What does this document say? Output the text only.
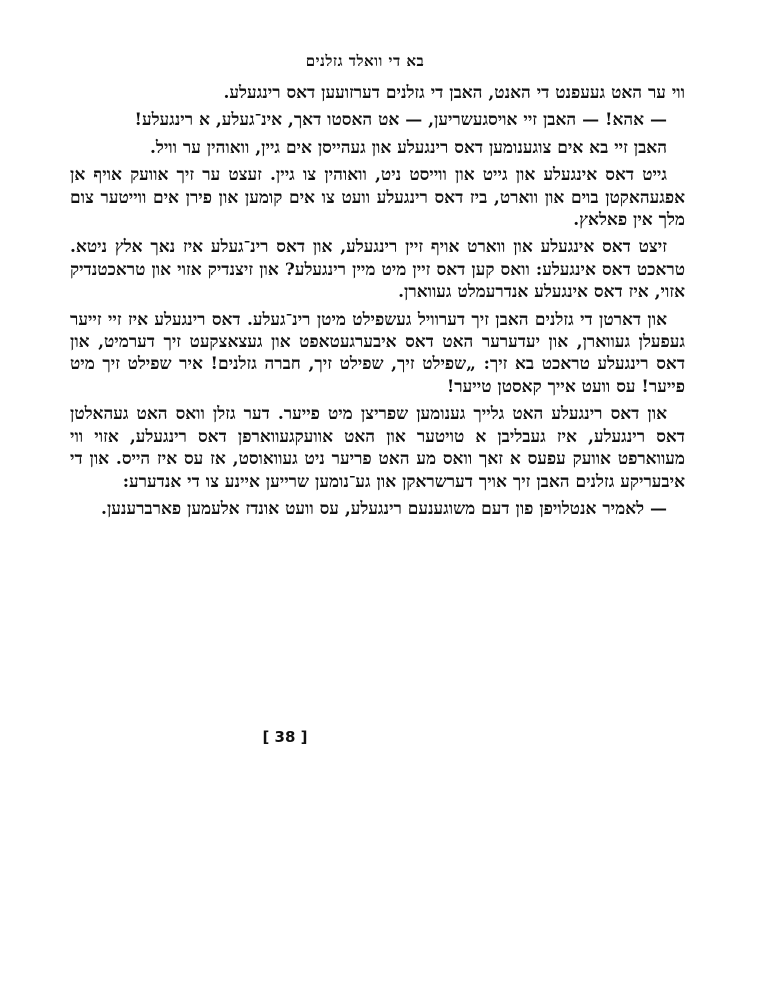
בא די וואלד גזלנים

ווי ער האט געעפנט די האנט, האבן די גזלנים דערזועען דאס רינגעלע.

— אהא! — האבן זיי אויסגעשריען, — אט האסטו דאך, אינ־געלע, א רינגעלע!

האבן זיי בא אים צוגענומען דאס רינגעלע און געהייסן אים גיין, וואוהין ער וויל.

גייט דאס אינגעלע און גייט און ווייסט ניט, וואוהין צו גיין. זעצט ער זיך אוועק אויף אן אפגעהאקטן בוים און ווארט, ביז דאס רינגעלע וועט צו אים קומען און פירן אים ווייטער צום מלך אין פאלאץ.

זיצט דאס אינגעלע און ווארט אויף זיין רינגעלע, און דאס רינ־געלע איז נאך אלץ ניטא. טראכט דאס אינגעלע: וואס קען דאס זיין מיט מיין רינגעלע? און זיצנדיק אזוי און טראכטנדיק אזוי, איז דאס אינגעלע אנדרעמלט געווארן.

און דארטן די גזלנים האבן זיך דערוויל געשפילט מיטן רינ־געלע. דאס רינגעלע איז זיי זייער געפעלן געווארן, און יעדערער האט דאס איבערגעטאפט און געצאצקעט זיך דערמיט, און דאס רינגעלע טראכט בא זיך: „שפילט זיך, שפילט זיך, חברה גזלנים! איר שפילט זיך מיט פייער! עס וועט אייך קאסטן טייער!

און דאס רינגעלע האט גלייך גענומען שפריצן מיט פייער. דער גזלן וואס האט געהאלטן דאס רינגעלע, איז געבליבן א טויטער און האט אוועקגעווארפן דאס רינגעלע, אזוי ווי מעווארפט אוועק עפעס א זאך וואס מע האט פריער ניט געוואוסט, אז עס איז הייס. און די איבעריקע גזלנים האבן זיך אויך דערשראקן און גע־נומען שרייען איינע צו די אנדערע:

— לאמיר אנטלויפן פון דעם משוגענעם רינגעלע, עס וועט אונדז אלעמען פארברענען.

[ 38 ]
